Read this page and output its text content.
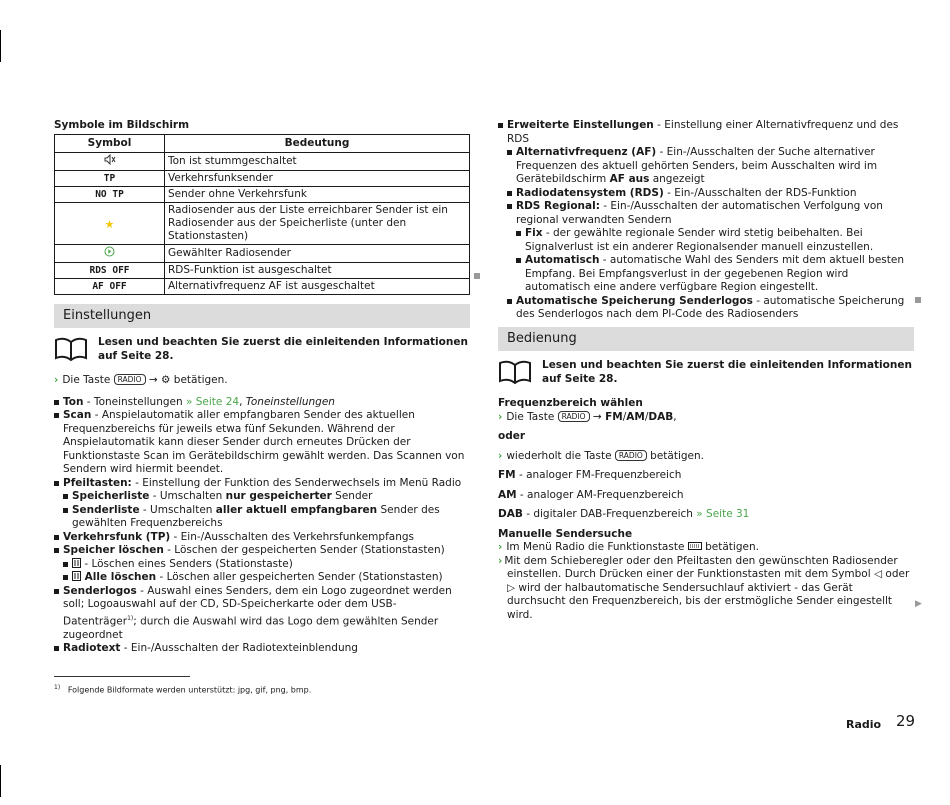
Symbole im Bildschirm
Symbol	Bedeutung
	Ton ist stummgeschaltet
TP	Verkehrsfunksender
NO TP	Sender ohne Verkehrsfunk
★	Radiosender aus der Liste erreichbarer Sender ist ein Radiosender aus der Speicherliste (unter den Stationstasten)
	Gewählter Radiosender
RDS OFF	RDS-Funktion ist ausgeschaltet
AF OFF	Alternativfrequenz AF ist ausgeschaltet
Einstellungen
Lesen und beachten Sie zuerst die einleitenden Informationen auf Seite 28.
› Die Taste RADIO → ⚙ betätigen.
Ton - Toneinstellungen » Seite 24, Toneinstellungen
Scan - Anspielautomatik aller empfangbaren Sender des aktuellen Frequenzbereichs für jeweils etwa fünf Sekunden. Während der Anspielautomatik kann dieser Sender durch erneutes Drücken der Funktionstaste Scan im Gerätebildschirm gewählt werden. Das Scannen von Sendern wird hiermit beendet.
Pfeiltasten: - Einstellung der Funktion des Senderwechsels im Menü Radio
Speicherliste - Umschalten nur gespeicherter Sender
Senderliste - Umschalten aller aktuell empfangbaren Sender des gewählten Frequenzbereichs
Verkehrsfunk (TP) - Ein-/Ausschalten des Verkehrsfunkempfangs
Speicher löschen - Löschen der gespeicherten Sender (Stationstasten)
- Löschen eines Senders (Stationstaste)
Alle löschen - Löschen aller gespeicherten Sender (Stationstasten)
Senderlogos - Auswahl eines Senders, dem ein Logo zugeordnet werden soll; Logoauswahl auf der CD, SD-Speicherkarte oder dem USB-Datenträger$^{1)}$; durch die Auswahl wird das Logo dem gewählten Sender zugeordnet
Radiotext - Ein-/Ausschalten der Radiotexteinblendung
$^{1)}$ Folgende Bildformate werden unterstützt: jpg, gif, png, bmp.
Erweiterte Einstellungen - Einstellung einer Alternativfrequenz und des RDS
Alternativfrequenz (AF) - Ein-/Ausschalten der Suche alternativer Frequenzen des aktuell gehörten Senders, beim Ausschalten wird im Gerätebildschirm AF aus angezeigt
Radiodatensystem (RDS) - Ein-/Ausschalten der RDS-Funktion
RDS Regional: - Ein-/Ausschalten der automatischen Verfolgung von regional verwandten Sendern
Fix - der gewählte regionale Sender wird stetig beibehalten. Bei Signalverlust ist ein anderer Regionalsender manuell einzustellen.
Automatisch - automatische Wahl des Senders mit dem aktuell besten Empfang. Bei Empfangsverlust in der gegebenen Region wird automatisch eine andere verfügbare Region eingestellt.
Automatische Speicherung Senderlogos - automatische Speicherung des Senderlogos nach dem PI-Code des Radiosenders
Bedienung
Lesen und beachten Sie zuerst die einleitenden Informationen auf Seite 28.
Frequenzbereich wählen
› Die Taste RADIO → FM/AM/DAB,
oder
› wiederholt die Taste RADIO betätigen.
FM - analoger FM-Frequenzbereich
AM - analoger AM-Frequenzbereich
DAB - digitaler DAB-Frequenzbereich » Seite 31
Manuelle Sendersuche
› Im Menü Radio die Funktionstaste  betätigen.
› Mit dem Schieberegler oder den Pfeiltasten den gewünschten Radiosender einstellen. Durch Drücken einer der Funktionstasten mit dem Symbol ◁ oder ▷ wird der halbautomatische Sendersuchlauf aktiviert - das Gerät durchsucht den Frequenzbereich, bis der erstmögliche Sender eingestellt wird.
▶
Radio 29
